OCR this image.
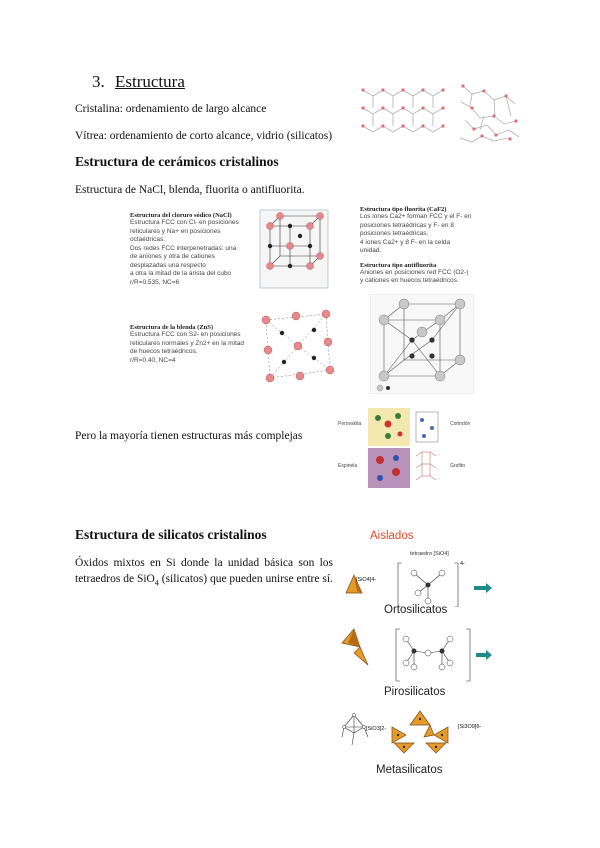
3. Estructura
Cristalina: ordenamiento de largo alcance
Vítrea: ordenamiento de corto alcance, vidrio (silicatos)
Estructura de cerámicos cristalinos
Estructura de NaCl, blenda, fluorita o antifluorita.
Estructura del cloruro sódico (NaCl)
Estructura FCC con Cl- en posiciones
reticulares y Na+ en posiciones
octaédricas.
Dos redes FCC interpenetradas: una
de aniones y otra de cationes
desplazadas una respecto
a otra la mitad de la arista del cubo
r/R=0.535, NC=6
Estructura tipo fluorita (CaF2)
Los iones Ca2+ forman FCC y el F- en
posiciones tetraédricas y F- en 8
posiciones tetraédricas.
4 iones Ca2+ y 8 F- en la celda
unidad.
Estructura tipo antifluorita
Aniones en posiciones red FCC (O2-)
y cationes en huecos tetraédricos.
Estructura de la blenda (ZnS)
Estructura FCC con S2- en posiciones
reticulares normales y Zn2+ en la mitad
de huecos tetraédricos.
r/R=0.40, NC=4
Pero la mayoría tienen estructuras más complejas
Perovskita	Corindón
Espinela	Grafito
Estructura de silicatos cristalinos
Óxidos mixtos en Si donde la unidad básica son los
tetraedros de SiO$_4$ (silicatos) que pueden unirse entre sí.
Aislados
tetraedro [SiO4]
[SiO4]4-
4-
Ortosilicatos
Pirosilicatos
[SiO3]2-	[Si3O9]6-
Metasilicatos
